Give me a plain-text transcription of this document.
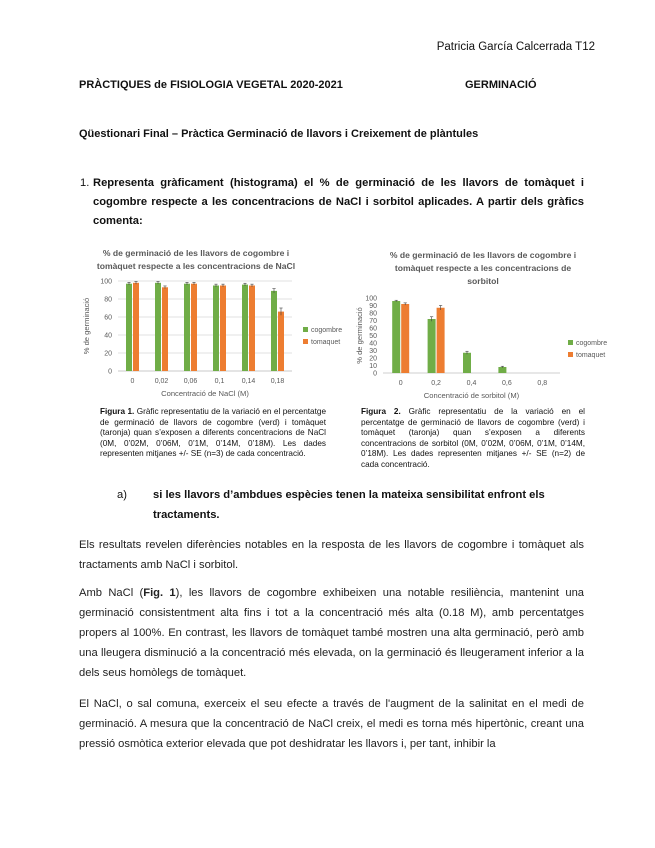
Patricia García Calcerrada T12
PRÀCTIQUES de FISIOLOGIA VEGETAL 2020-2021	GERMINACIÓ
Qüestionari Final – Pràctica Germinació de llavors i Creixement de plàntules
1. Representa gràficament (histograma) el % de germinació de les llavors de tomàquet i cogombre respecte a les concentracions de NaCl i sorbitol aplicades. A partir dels gràfics comenta:
% de germinació de les llavors de cogombre i
tomàquet respecte a les concentracions de NaCl
0
20
40
60
80
100
0	0,02 0,06 0,1 0,14 0,18
Concentració de NaCl (M)
% de germinació	cogombre
tomaquet
% de germinació de les llavors de cogombre i
tomàquet respecte a les concentracions de
sorbitol
0
10
20
30
40
50
60
70
80
90
100
0	0,2	0,4	0,6	0,8
Concentració de sorbitol (M)
% de germinació	cogombre
tomaquet
Figura 1. Gràfic representatiu de la variació en el percentatge de germinació de llavors de cogombre (verd) i tomàquet (taronja) quan s’exposen a diferents concentracions de NaCl (0M, 0’02M, 0’06M, 0’1M, 0’14M, 0’18M). Les dades representen mitjanes +/- SE (n=3) de cada concentració.
Figura 2. Gràfic representatiu de la variació en el percentatge de germinació de llavors de cogombre (verd) i tomàquet (taronja) quan s’exposen a diferents concentracions de sorbitol (0M, 0’02M, 0’06M, 0’1M, 0’14M, 0’18M). Les dades representen mitjanes +/- SE (n=2) de cada concentració.
a) si les llavors d’ambdues espècies tenen la mateixa sensibilitat enfront els tractaments.
Els resultats revelen diferències notables en la resposta de les llavors de cogombre i tomàquet als tractaments amb NaCl i sorbitol.
Amb NaCl (Fig. 1), les llavors de cogombre exhibeixen una notable resiliència, mantenint una germinació consistentment alta fins i tot a la concentració més alta (0.18 M), amb percentatges propers al 100%. En contrast, les llavors de tomàquet també mostren una alta germinació, però amb una lleugera disminució a la concentració més elevada, on la germinació és lleugerament inferior a la dels seus homòlegs de tomàquet.
El NaCl, o sal comuna, exerceix el seu efecte a través de l'augment de la salinitat en el medi de germinació. A mesura que la concentració de NaCl creix, el medi es torna més hipertònic, creant una pressió osmòtica exterior elevada que pot deshidratar les llavors i, per tant, inhibir la
